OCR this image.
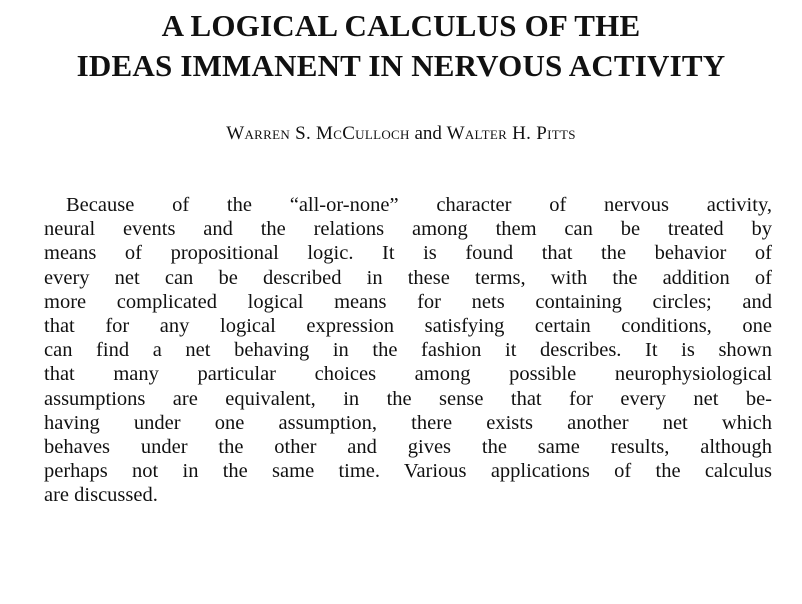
A LOGICAL CALCULUS OF THE
IDEAS IMMANENT IN NERVOUS ACTIVITY
Warren S. McCulloch and Walter H. Pitts

Because of the “all-or-none” character of nervous activity,
neural events and the relations among them can be treated by
means of propositional logic. It is found that the behavior of
every net can be described in these terms, with the addition of
more complicated logical means for nets containing circles; and
that for any logical expression satisfying certain conditions, one
can find a net behaving in the fashion it describes. It is shown
that many particular choices among possible neurophysiological
assumptions are equivalent, in the sense that for every net be-
having under one assumption, there exists another net which
behaves under the other and gives the same results, although
perhaps not in the same time. Various applications of the calculus
are discussed.
